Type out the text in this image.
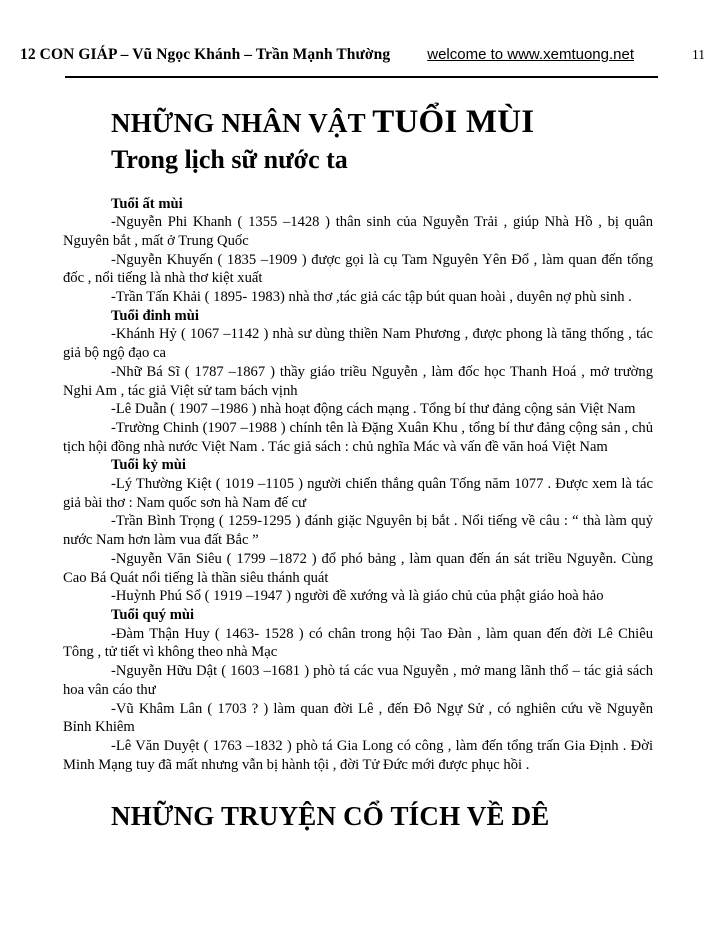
12 CON GIÁP – Vũ Ngọc Khánh – Trần Mạnh Thường welcome to www.xemtuong.net	11
NHỮNG NHÂN VẬT TUỔI MÙI
Trong lịch sữ nước ta

Tuổi ất mùi

-Nguyễn Phi Khanh ( 1355 –1428 ) thân sinh của Nguyễn Trải , giúp Nhà Hồ , bị quân Nguyên bắt , mất ở Trung Quốc

-Nguyễn Khuyến ( 1835 –1909 ) được gọi là cụ Tam Nguyên Yên Đổ , làm quan đến tổng đốc , nổi tiếng là nhà thơ kiệt xuất

-Trần Tấn Khải ( 1895- 1983) nhà thơ ,tác giả các tập bút quan hoài , duyên nợ phù sinh .

Tuổi đinh mùi

-Khánh Hỷ ( 1067 –1142 ) nhà sư dùng thiền Nam Phương , được phong là tăng thống , tác giả bộ ngộ đạo ca

-Nhữ Bá Sĩ ( 1787 –1867 ) thầy giáo triều Nguyễn , làm đốc học Thanh Hoá , mở trường Nghi Am , tác giả Việt sử tam bách vịnh

-Lê Duẫn ( 1907 –1986 ) nhà hoạt động cách mạng . Tổng bí thư đảng cộng sản Việt Nam

-Trường Chinh (1907 –1988 ) chính tên là Đặng Xuân Khu , tổng bí thư đảng cộng sản , chủ tịch hội đồng nhà nước Việt Nam . Tác giả sách : chủ nghĩa Mác và vấn đề văn hoá Việt Nam

Tuổi kỷ mùi

-Lý Thường Kiệt ( 1019 –1105 ) người chiến thắng quân Tống năm 1077 . Được xem là tác giả bài thơ : Nam quốc sơn hà Nam đế cư

-Trần Bình Trọng ( 1259-1295 ) đánh giặc Nguyên bị bắt . Nổi tiếng về câu : “ thà làm quỷ nước Nam hơn làm vua đất Bắc ”

-Nguyễn Văn Siêu ( 1799 –1872 ) đổ phó bảng , làm quan đến án sát triều Nguyễn. Cùng Cao Bá Quát nổi tiếng là thần siêu thánh quát

-Huỳnh Phú Sổ ( 1919 –1947 ) người đề xướng và là giáo chủ của phật giáo hoà hảo

Tuổi quý mùi

-Đàm Thận Huy ( 1463- 1528 ) có chân trong hội Tao Đàn , làm quan đến đời Lê Chiêu Tông , tử tiết vì không theo nhà Mạc

-Nguyễn Hữu Dật ( 1603 –1681 ) phò tá các vua Nguyễn , mở mang lãnh thổ – tác giả sách hoa vân cáo thư

-Vũ Khâm Lân ( 1703 ? ) làm quan đời Lê , đến Đô Ngự Sử , có nghiên cứu về Nguyễn Bỉnh Khiêm

-Lê Văn Duyệt ( 1763 –1832 ) phò tá Gia Long có công , làm đến tổng trấn Gia Định . Đời Minh Mạng tuy đã mất nhưng vẫn bị hành tội , đời Tử Đức mới được phục hồi .

NHỮNG TRUYỆN CỔ TÍCH VỀ DÊ
